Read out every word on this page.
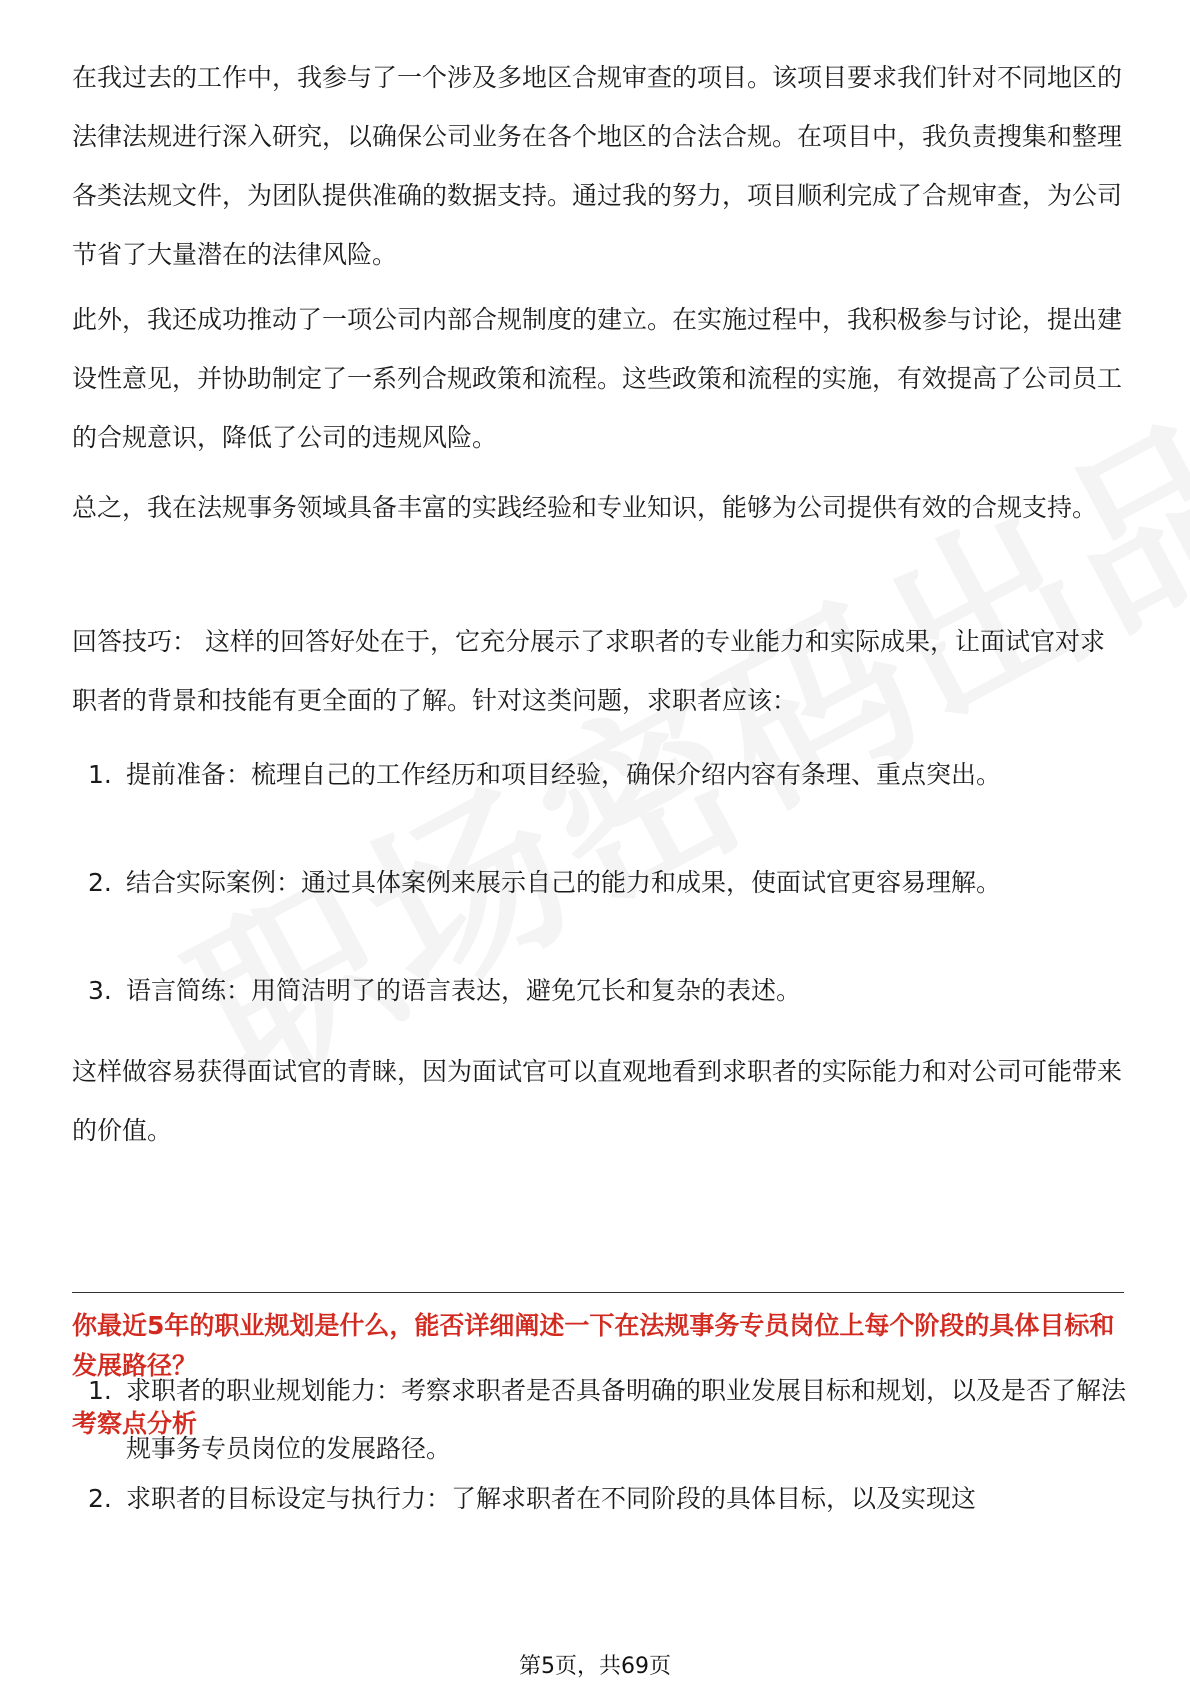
在我过去的工作中，我参与了一个涉及多地区合规审查的项目。该项目要求我们针对不同地区的法律法规进行深入研究，以确保公司业务在各个地区的合法合规。在项目中，我负责搜集和整理各类法规文件，为团队提供准确的数据支持。通过我的努力，项目顺利完成了合规审查，为公司节省了大量潜在的法律风险。

此外，我还成功推动了一项公司内部合规制度的建立。在实施过程中，我积极参与讨论，提出建设性意见，并协助制定了一系列合规政策和流程。这些政策和流程的实施，有效提高了公司员工的合规意识，降低了公司的违规风险。

总之，我在法规事务领域具备丰富的实践经验和专业知识，能够为公司提供有效的合规支持。

回答技巧： 这样的回答好处在于，它充分展示了求职者的专业能力和实际成果，让面试官对求职者的背景和技能有更全面的了解。针对这类问题，求职者应该：

1. 提前准备：梳理自己的工作经历和项目经验，确保介绍内容有条理、重点突出。
2. 结合实际案例：通过具体案例来展示自己的能力和成果，使面试官更容易理解。
3. 语言简练：用简洁明了的语言表达，避免冗长和复杂的表述。

这样做容易获得面试官的青睐，因为面试官可以直观地看到求职者的实际能力和对公司可能带来的价值。

你最近5年的职业规划是什么，能否详细阐述一下在法规事务专员岗位上每个阶段的具体目标和发展路径？

考察点分析

1. 求职者的职业规划能力：考察求职者是否具备明确的职业发展目标和规划，以及是否了解法规事务专员岗位的发展路径。
2. 求职者的目标设定与执行力：了解求职者在不同阶段的具体目标，以及实现这
第5页，共69页
